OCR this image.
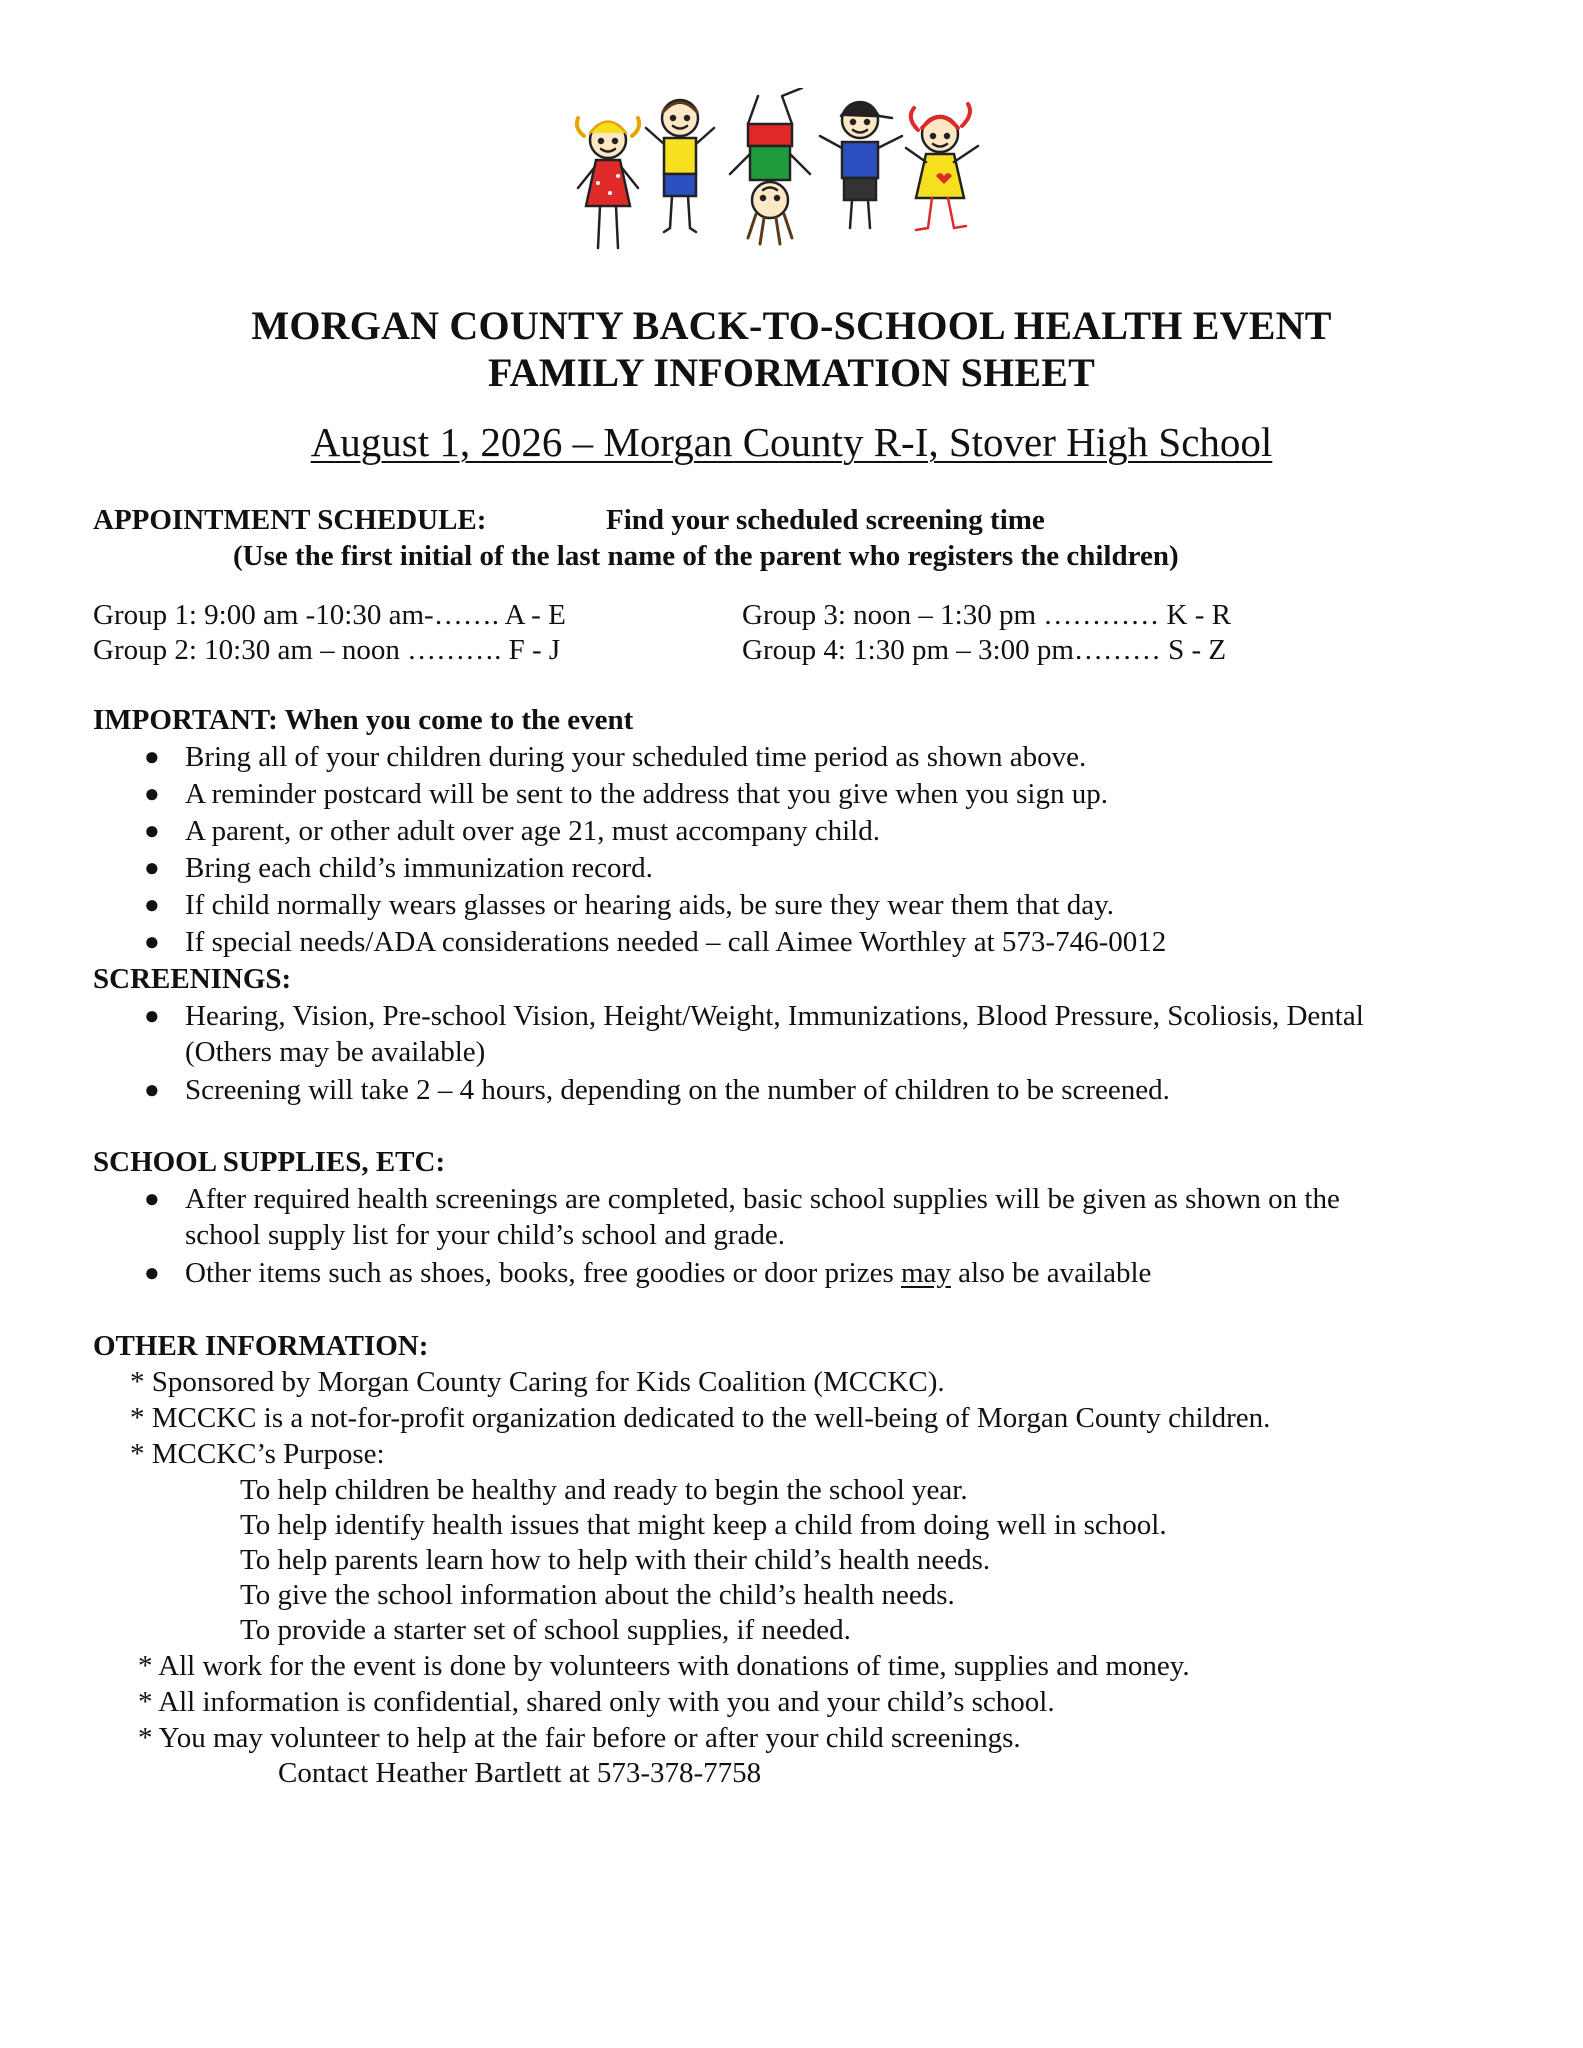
MORGAN COUNTY BACK-TO-SCHOOL HEALTH EVENT
FAMILY INFORMATION SHEET
August 1, 2026 – Morgan County R-I, Stover High School
APPOINTMENT SCHEDULE:	Find your scheduled screening time
(Use the first initial of the last name of the parent who registers the children)
Group 1: 9:00 am -10:30 am-……. A - E
Group 2: 10:30 am – noon ………. F - J
Group 3: noon – 1:30 pm ………… K - R
Group 4: 1:30 pm – 3:00 pm……… S - Z
IMPORTANT: When you come to the event
● Bring all of your children during your scheduled time period as shown above.
● A reminder postcard will be sent to the address that you give when you sign up.
● A parent, or other adult over age 21, must accompany child.
● Bring each child’s immunization record.
● If child normally wears glasses or hearing aids, be sure they wear them that day.
● If special needs/ADA considerations needed – call Aimee Worthley at 573-746-0012
SCREENINGS:
● Hearing, Vision, Pre-school Vision, Height/Weight, Immunizations, Blood Pressure, Scoliosis, Dental
(Others may be available)
● Screening will take 2 – 4 hours, depending on the number of children to be screened.
SCHOOL SUPPLIES, ETC:
● After required health screenings are completed, basic school supplies will be given as shown on the
school supply list for your child’s school and grade.
● Other items such as shoes, books, free goodies or door prizes may also be available
OTHER INFORMATION:
* Sponsored by Morgan County Caring for Kids Coalition (MCCKC).
* MCCKC is a not-for-profit organization dedicated to the well-being of Morgan County children.
* MCCKC’s Purpose:
To help children be healthy and ready to begin the school year.
To help identify health issues that might keep a child from doing well in school.
To help parents learn how to help with their child’s health needs.
To give the school information about the child’s health needs.
To provide a starter set of school supplies, if needed.
* All work for the event is done by volunteers with donations of time, supplies and money.
* All information is confidential, shared only with you and your child’s school.
* You may volunteer to help at the fair before or after your child screenings.
Contact Heather Bartlett at 573-378-7758
